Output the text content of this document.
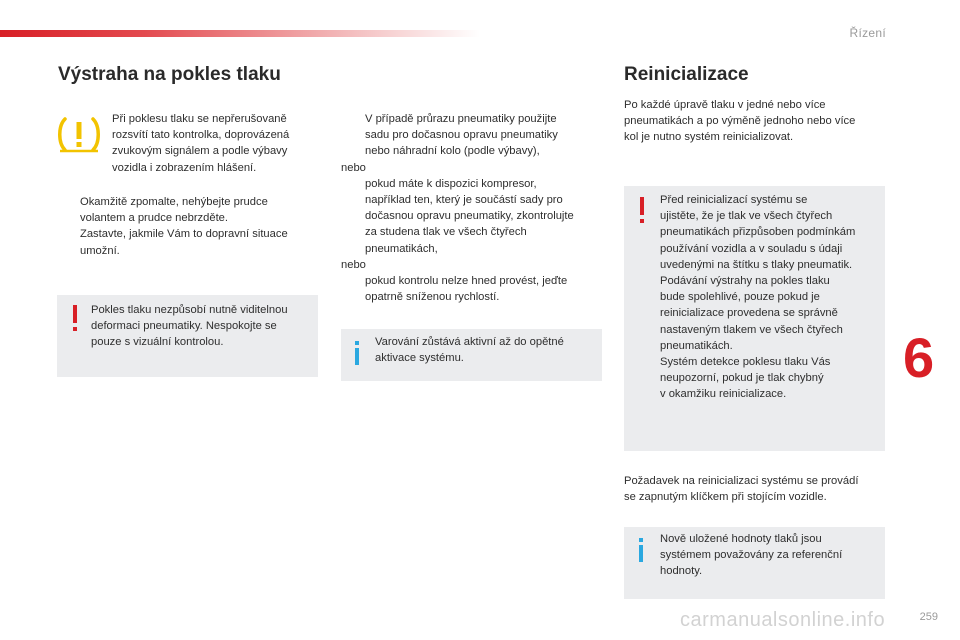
Řízení
6
259
carmanualsonline.info
Výstraha na pokles tlaku
Při poklesu tlaku se nepřerušovaně
rozsvítí tato kontrolka, doprovázená
zvukovým signálem a podle výbavy
vozidla i zobrazením hlášení.
Okamžitě zpomalte, nehýbejte prudce
volantem a prudce nebrzděte.
Zastavte, jakmile Vám to dopravní situace
umožní.
Pokles tlaku nezpůsobí nutně viditelnou
deformaci pneumatiky. Nespokojte se
pouze s vizuální kontrolou.
V případě průrazu pneumatiky použijte
sadu pro dočasnou opravu pneumatiky
nebo náhradní kolo (podle výbavy),
nebo
pokud máte k dispozici kompresor,
například ten, který je součástí sady pro
dočasnou opravu pneumatiky, zkontrolujte
za studena tlak ve všech čtyřech
pneumatikách,
nebo
pokud kontrolu nelze hned provést, jeďte
opatrně sníženou rychlostí.
Varování zůstává aktivní až do opětné
aktivace systému.
Reinicializace
Po každé úpravě tlaku v jedné nebo více
pneumatikách a po výměně jednoho nebo více
kol je nutno systém reinicializovat.
Před reinicializací systému se
ujistěte, že je tlak ve všech čtyřech
pneumatikách přizpůsoben podmínkám
používání vozidla a v souladu s údaji
uvedenými na štítku s tlaky pneumatik.
Podávání výstrahy na pokles tlaku
bude spolehlivé, pouze pokud je
reinicializace provedena se správně
nastaveným tlakem ve všech čtyřech
pneumatikách.
Systém detekce poklesu tlaku Vás
neupozorní, pokud je tlak chybný
v okamžiku reinicializace.
Požadavek na reinicializaci systému se provádí
se zapnutým klíčkem při stojícím vozidle.
Nově uložené hodnoty tlaků jsou
systémem považovány za referenční
hodnoty.
